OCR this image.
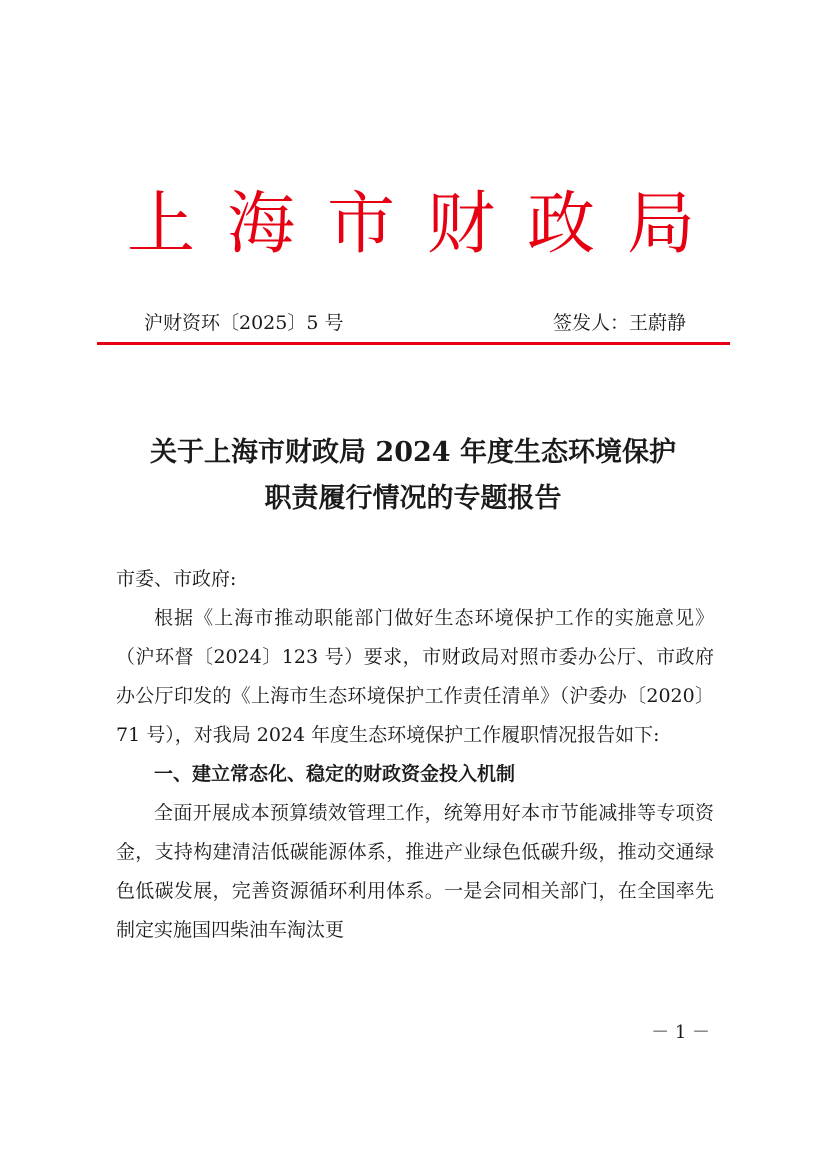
上海市财政局
沪财资环〔2025〕5 号	签发人：王蔚静
关于上海市财政局 2024 年度生态环境保护
职责履行情况的专题报告

市委、市政府:

根据《上海市推动职能部门做好生态环境保护工作的实施意见》（沪环督〔2024〕123 号）要求，市财政局对照市委办公厅、市政府办公厅印发的《上海市生态环境保护工作责任清单》（沪委办〔2020〕71 号），对我局 2024 年度生态环境保护工作履职情况报告如下:

一、建立常态化、稳定的财政资金投入机制

全面开展成本预算绩效管理工作，统筹用好本市节能减排等专项资金，支持构建清洁低碳能源体系，推进产业绿色低碳升级，推动交通绿色低碳发展，完善资源循环利用体系。一是会同相关部门，在全国率先制定实施国四柴油车淘汰更

－ 1 －
